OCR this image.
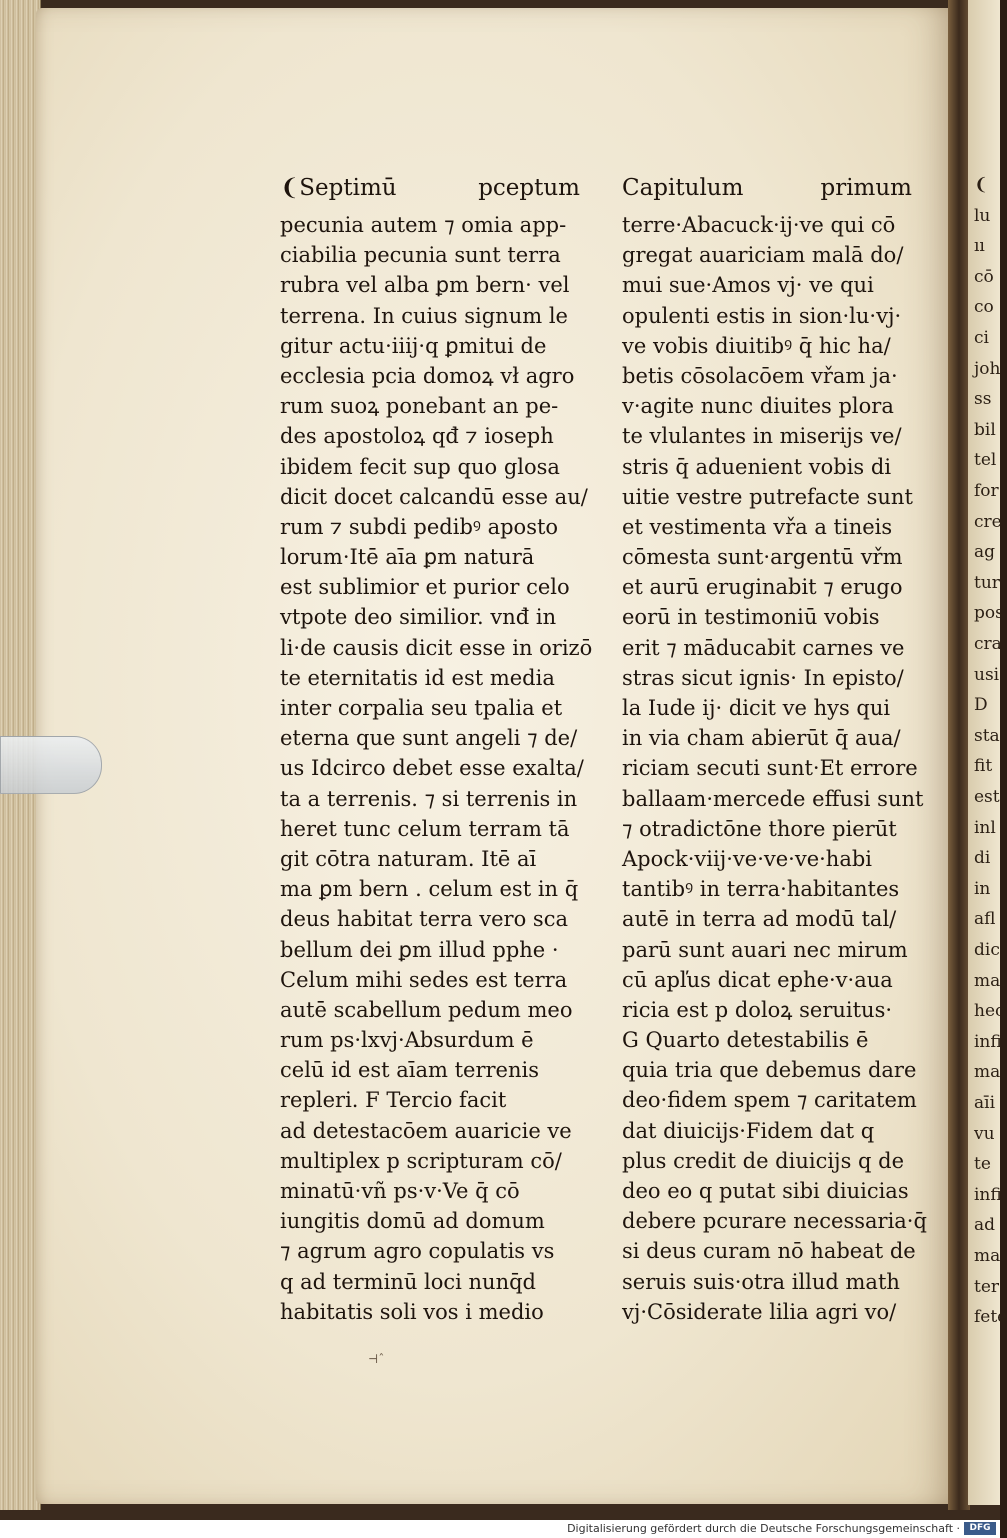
❨
lu
ıı
cō
co
ci
joh
ss
bil
tel
for
cre
ag
tur
pos
cra
usi
D
sta
fit
est
inl
di
in
afl
dic
mal
hec
infi
mal
aīi
vu
te
infi
ad
ma
ter
fete
❨Septimū	pceptum
pecunia autem ⁊ omia app‑
ciabilia pecunia sunt terra
rubra vel alba ꝑm bern· vel
terrena. In cuius signum le
gitur actu·iiij·q ꝑmitui de
ecclesia pcia domoꝝ vł agro
rum suoꝝ ponebant an pe‑
des apostoloꝝ qđ ⁊ ioseph
ibidem fecit sup quo glosa
dicit docet calcandū esse au/
rum ⁊ subdi pedibꝰ aposto
lorum·Itē aīa ꝑm naturā
est sublimior et purior celo
vtpote deo similior. vnđ in
li·de causis dicit esse in orizō
te eternitatis id est media
inter corpalia seu tpalia et
eterna que sunt angeli ⁊ de/
us Idcirco debet esse exalta/
ta a terrenis. ⁊ si terrenis in
heret tunc celum terram tā
git cōtra naturam. Itē aī
ma ꝑm bern . celum est in q̄
deus habitat terra vero sca
bellum dei ꝑm illud pphe ·
Celum mihi sedes est terra
autē scabellum pedum meo
rum ps·lxvj·Absurdum ē
celū id est aīam terrenis
repleri. F Tercio facit
ad detestacōem auaricie ve
multiplex p scripturam cō/
minatū·vñ ps·v·Ve q̄ cō
iungitis domū ad domum
⁊ agrum agro copulatis vs
q ad terminū loci nunq̄d
habitatis soli vos i medio
Capitulum	primum
terre·Abacuck·ij·ve qui cō
gregat auariciam malā do/
mui sue·Amos vj· ve qui
opulenti estis in sion·lu·vj·
ve vobis diuitibꝰ q̄ hic ha/
betis cōsolacōem vřam ja·
v·agite nunc diuites plora
te vlulantes in miserijs ve/
stris q̄ aduenient vobis di
uitie vestre putrefacte sunt
et vestimenta vřa a tineis
cōmesta sunt·argentū vřm
et aurū eruginabit ⁊ erugo
eorū in testimoniū vobis
erit ⁊ māducabit carnes ve
stras sicut ignis· In episto/
la Iude ij· dicit ve hys qui
in via cham abierūt q̄ aua/
riciam secuti sunt·Et errore
ballaam·mercede effusi sunt
⁊ otradictōne thore pierūt
Apock·viij·ve·ve·ve·habi
tantibꝰ in terra·habitantes
autē in terra ad modū tal/
parū sunt auari nec mirum
cū apľus dicat ephe·v·aua
ricia est p doloꝝ seruitus·
G Quarto detestabilis ē
quia tria que debemus dare
deo·fidem spem ⁊ caritatem
dat diuicijs·Fidem dat q
plus credit de diuicijs q de
deo eo q putat sibi diuicias
debere pcurare necessaria·q̄
si deus curam nō habeat de
seruis suis·otra illud math
vj·Cōsiderate lilia agri vo/
⊣ˆ
Digitalisierung gefördert durch die Deutsche Forschungsgemeinschaft ·	DFG
